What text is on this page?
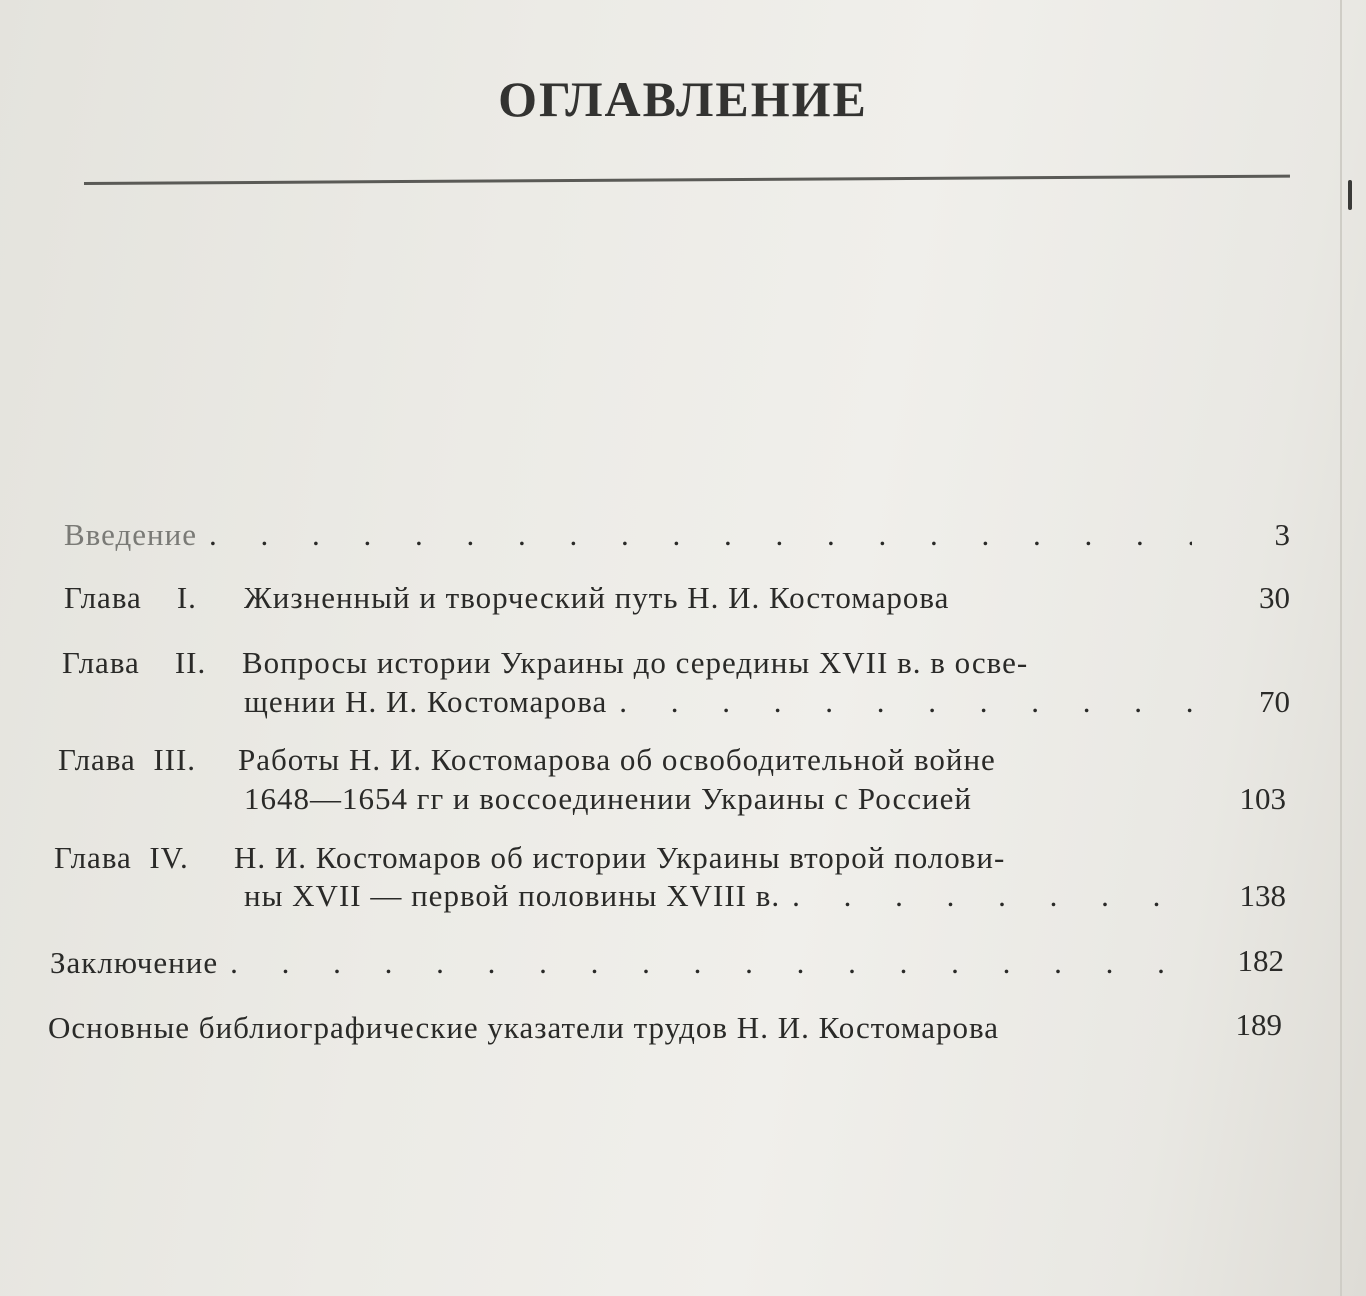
ОГЛАВЛЕНИЕ
Введение . . .	3
Глава I.	Жизненный и творческий путь Н. И. Костомарова	30
Глава II.	Вопросы истории Украины до середины XVII в. в осве-
щении Н. И. Костомарова . . .	70
Глава III.	Работы Н. И. Костомарова об освободительной войне
1648—1654 гг и воссоединении Украины с Россией	103
Глава IV.	Н. И. Костомаров об истории Украины второй полови-
ны XVII — первой половины XVIII в. . . .	138
Заключение . . .	182
Основные библиографические указатели трудов Н. И. Костомарова	189
